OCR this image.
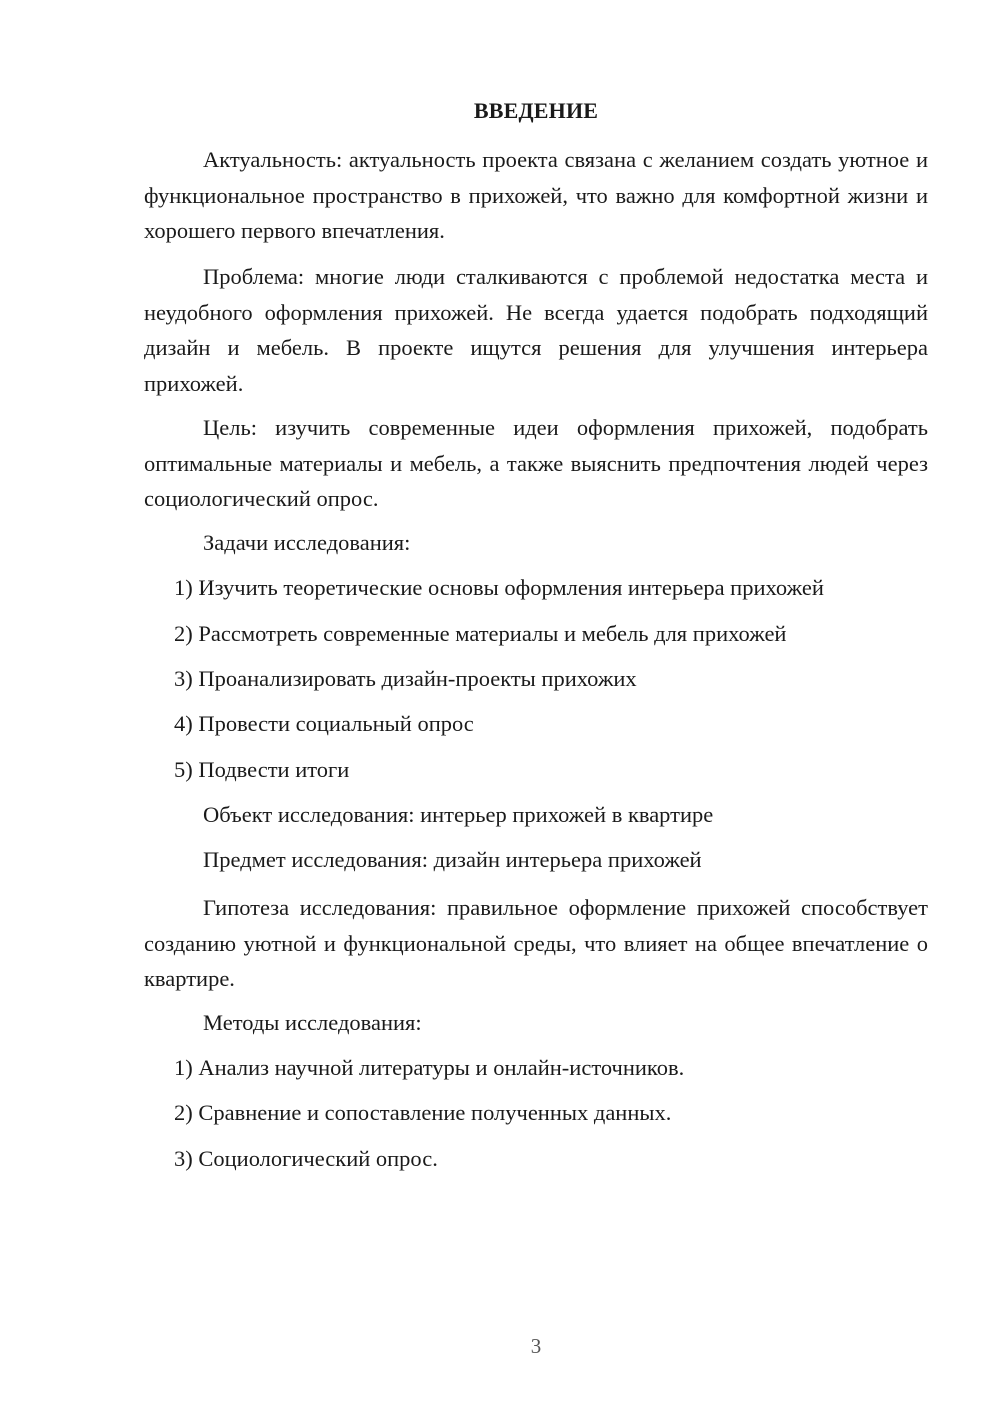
ВВЕДЕНИЕ

Актуальность: актуальность проекта связана с желанием создать уютное и функциональное пространство в прихожей, что важно для комфортной жизни и хорошего первого впечатления.

Проблема: многие люди сталкиваются с проблемой недостатка места и неудобного оформления прихожей. Не всегда удается подобрать подходящий дизайн и мебель. В проекте ищутся решения для улучшения интерьера прихожей.

Цель: изучить современные идеи оформления прихожей, подобрать оптимальные материалы и мебель, а также выяснить предпочтения людей через социологический опрос.

Задачи исследования:
1) Изучить теоретические основы оформления интерьера прихожей
2) Рассмотреть современные материалы и мебель для прихожей
3) Проанализировать дизайн-проекты прихожих
4) Провести социальный опрос
5) Подвести итоги
Объект исследования: интерьер прихожей в квартире
Предмет исследования: дизайн интерьера прихожей

Гипотеза исследования: правильное оформление прихожей способствует созданию уютной и функциональной среды, что влияет на общее впечатление о квартире.

Методы исследования:
1) Анализ научной литературы и онлайн-источников.
2) Сравнение и сопоставление полученных данных.
3) Социологический опрос.
3
